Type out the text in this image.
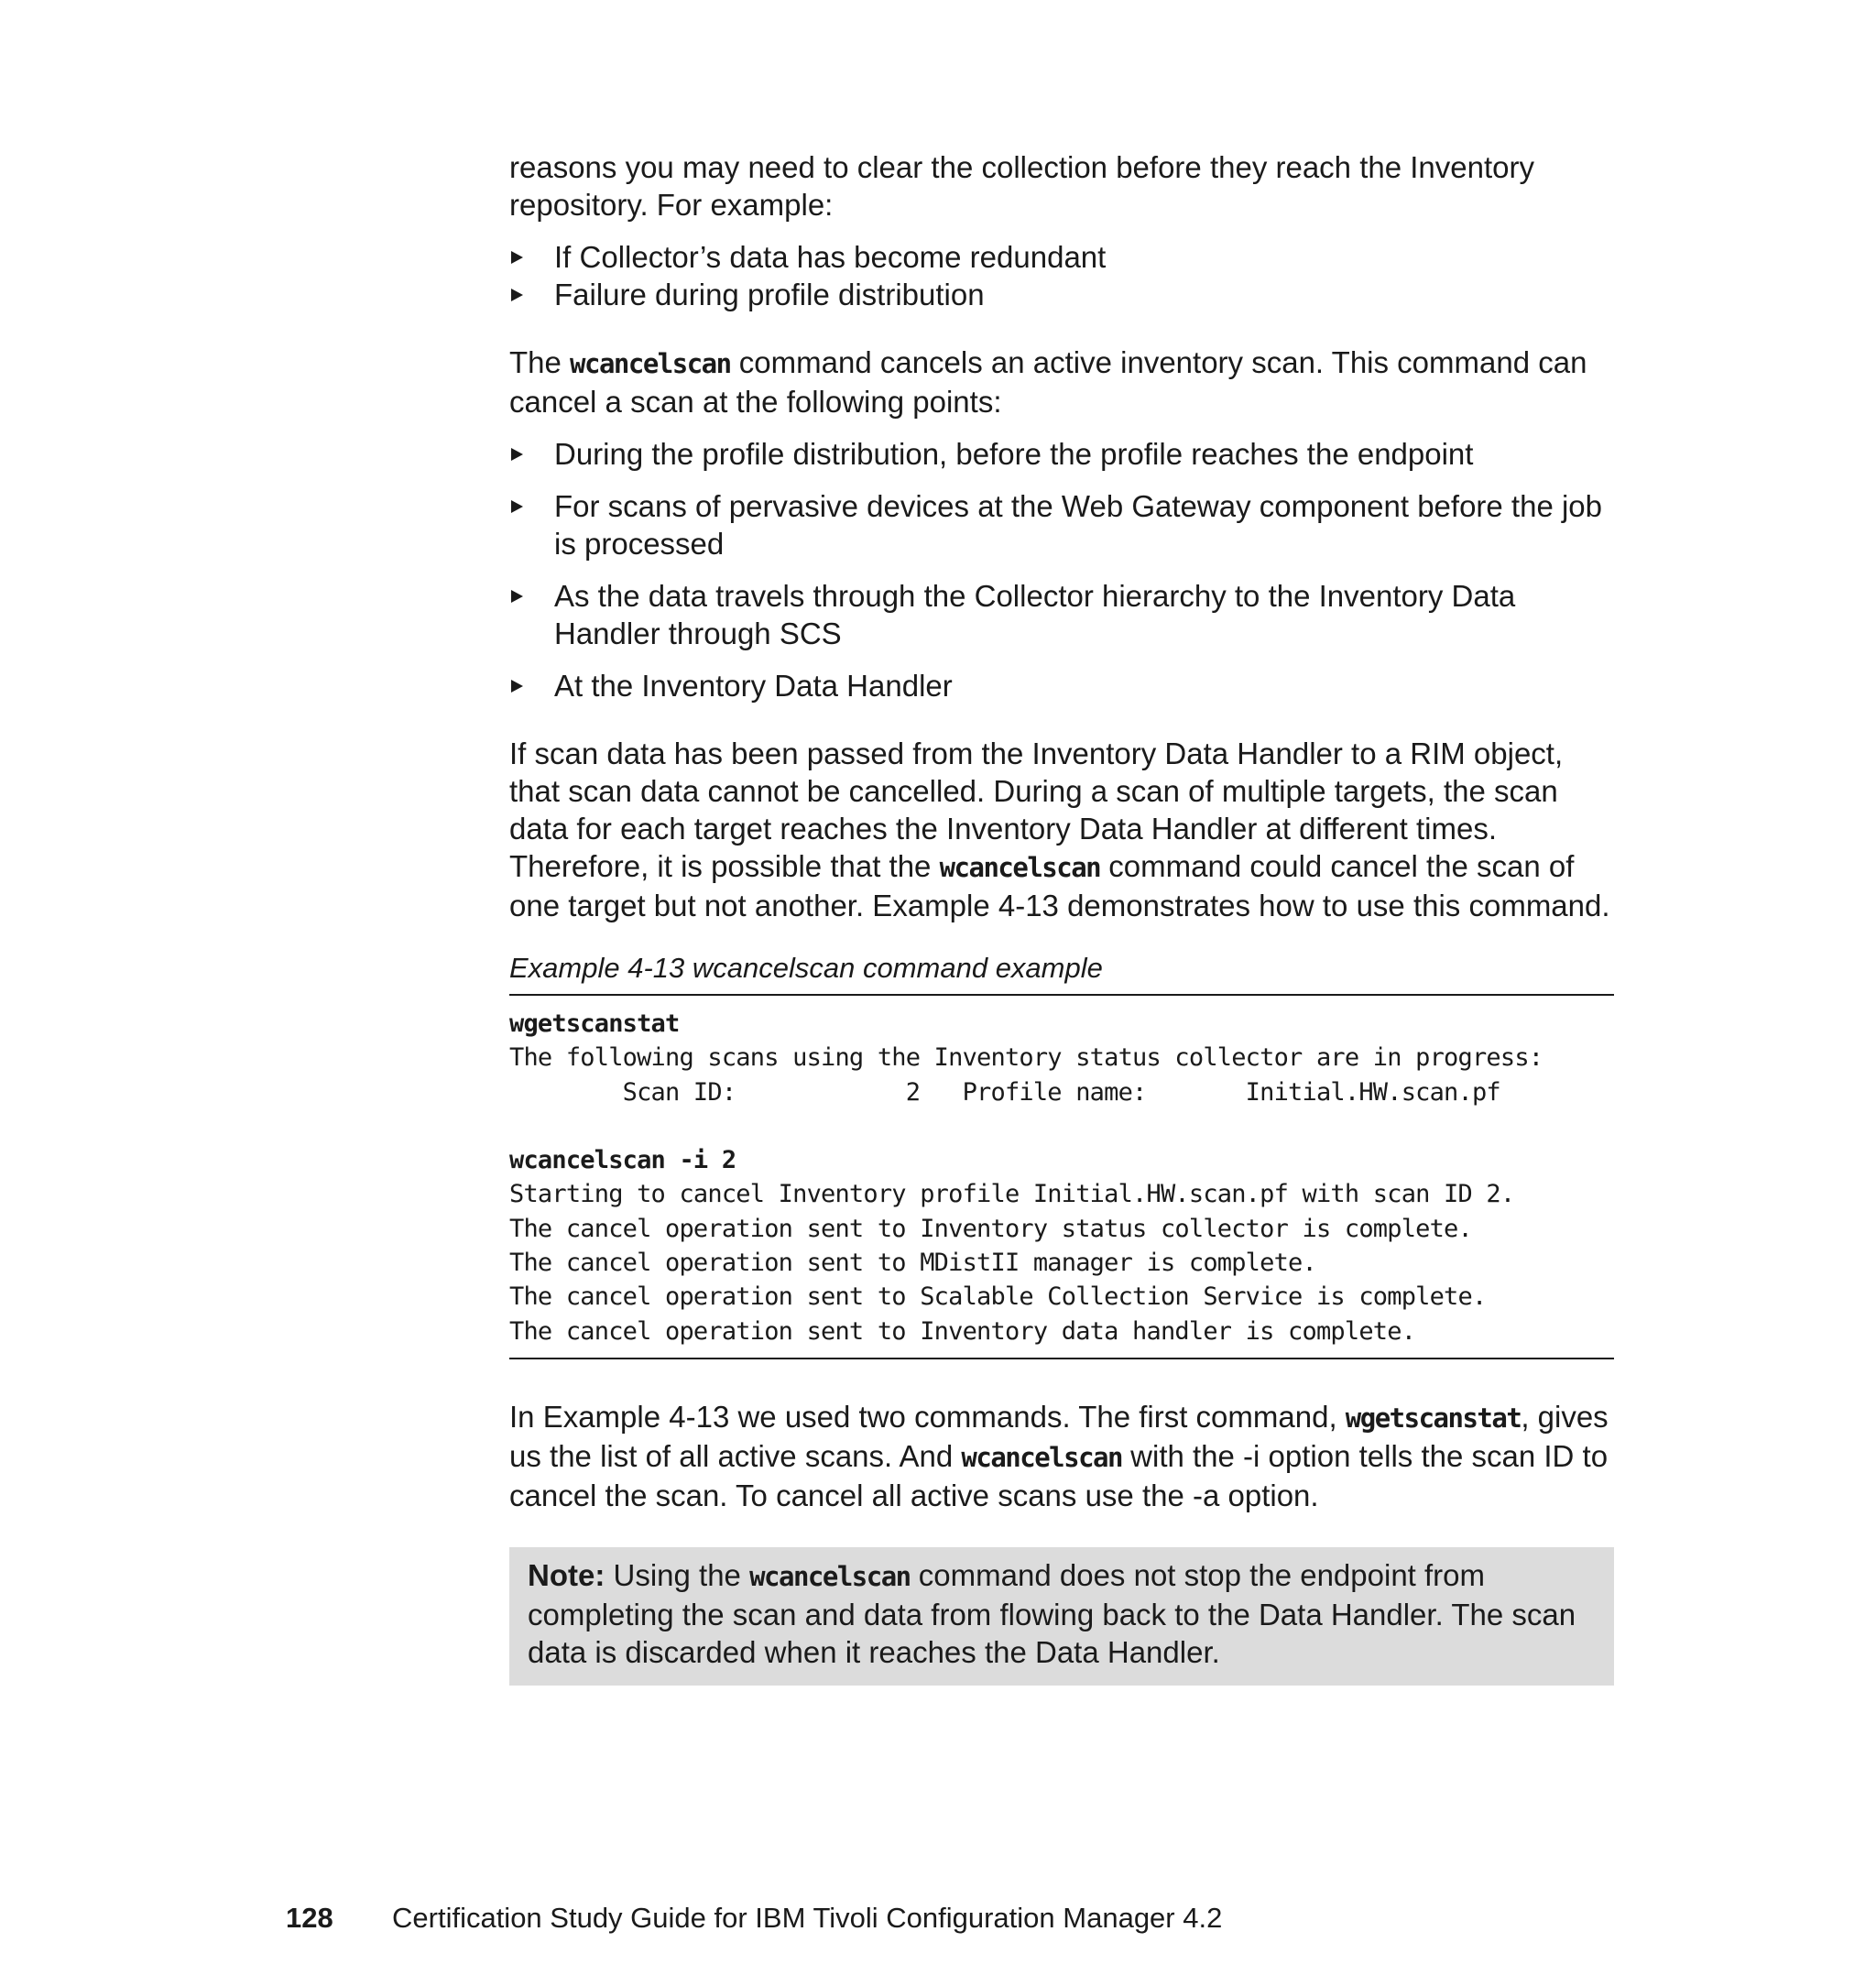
reasons you may need to clear the collection before they reach the Inventory repository. For example:

If Collector’s data has become redundant
Failure during profile distribution

The wcancelscan command cancels an active inventory scan. This command can cancel a scan at the following points:

During the profile distribution, before the profile reaches the endpoint
For scans of pervasive devices at the Web Gateway component before the job is processed
As the data travels through the Collector hierarchy to the Inventory Data Handler through SCS
At the Inventory Data Handler

If scan data has been passed from the Inventory Data Handler to a RIM object, that scan data cannot be cancelled. During a scan of multiple targets, the scan data for each target reaches the Inventory Data Handler at different times. Therefore, it is possible that the wcancelscan command could cancel the scan of one target but not another. Example 4-13 demonstrates how to use this command.

Example 4-13 wcancelscan command example
wgetscanstat
The following scans using the Inventory status collector are in progress:
Scan ID:            2   Profile name:       Initial.HW.scan.pf

wcancelscan -i 2
Starting to cancel Inventory profile Initial.HW.scan.pf with scan ID 2.
The cancel operation sent to Inventory status collector is complete.
The cancel operation sent to MDistII manager is complete.
The cancel operation sent to Scalable Collection Service is complete.
The cancel operation sent to Inventory data handler is complete.

In Example 4-13 we used two commands. The first command, wgetscanstat, gives us the list of all active scans. And wcancelscan with the -i option tells the scan ID to cancel the scan. To cancel all active scans use the -a option.

Note: Using the wcancelscan command does not stop the endpoint from completing the scan and data from flowing back to the Data Handler. The scan data is discarded when it reaches the Data Handler.

128 Certification Study Guide for IBM Tivoli Configuration Manager 4.2
